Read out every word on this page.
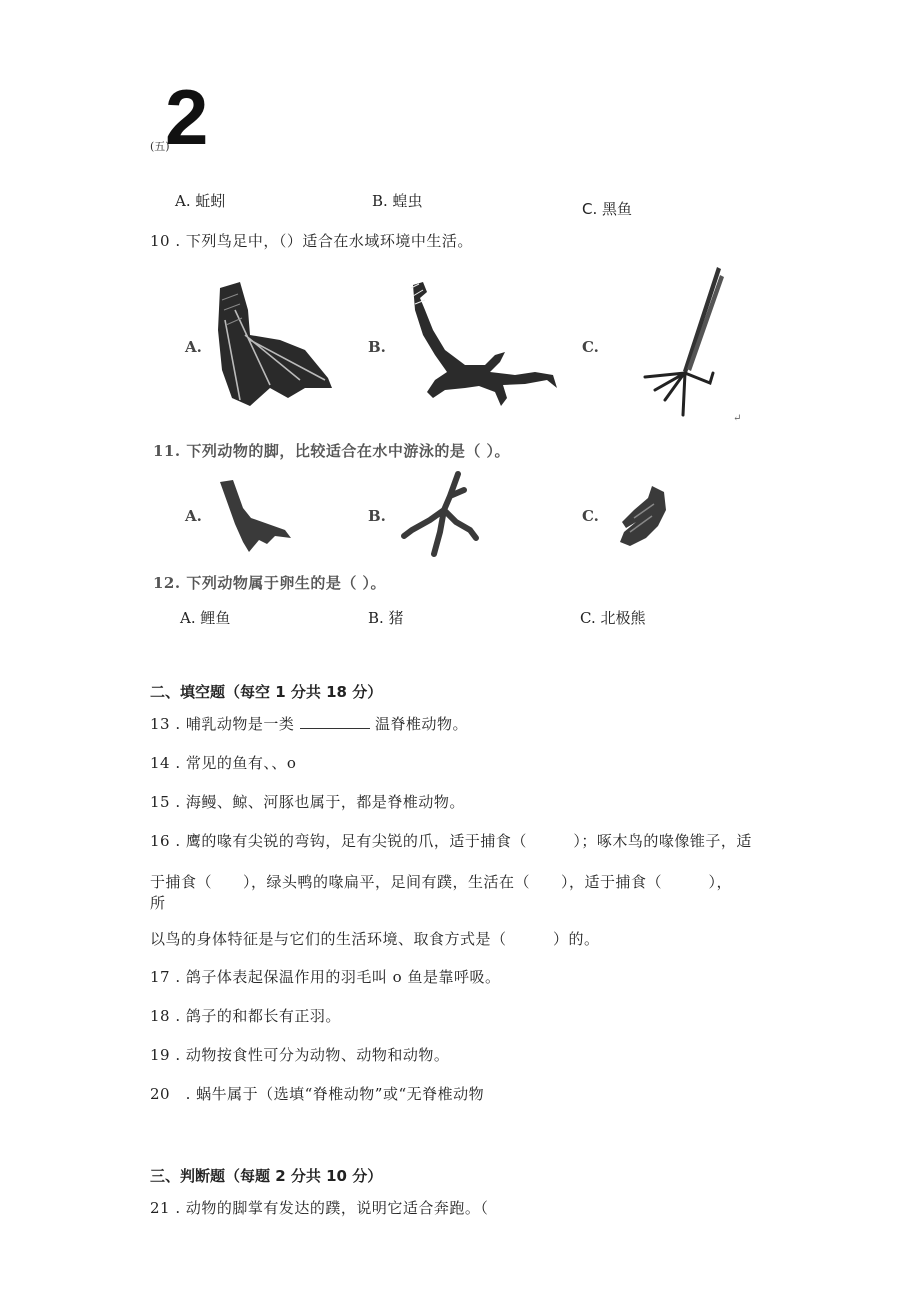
2
(五)
A. 蚯蚓	B. 蝗虫	C. 黑鱼
10 . 下列鸟足中，（）适合在水域环境中生活。
A.	B.	C.
↵
11. 下列动物的脚，比较适合在水中游泳的是（ ）。
A.	B.	C.
12. 下列动物属于卵生的是（ ）。
A. 鲤鱼	B. 猪	C. 北极熊
二、填空题（每空 1 分共 18 分）
13 . 哺乳动物是一类	温脊椎动物。
14 . 常见的鱼有、、o
15 . 海鳗、鲸、河豚也属于，都是脊椎动物。
16 . 鹰的喙有尖锐的弯钩，足有尖锐的爪，适于捕食（　　　）；啄木鸟的喙像锥子，适
于捕食（　　），绿头鸭的喙扁平，足间有蹼，生活在（　　），适于捕食（　　　），
所
以鸟的身体特征是与它们的生活环境、取食方式是（　　　）的。
17 . 鸽子体表起保温作用的羽毛叫 o 鱼是靠呼吸。
18 . 鸽子的和都长有正羽。
19 . 动物按食性可分为动物、动物和动物。
20　. 蜗牛属于（选填“脊椎动物”或“无脊椎动物
三、判断题（每题 2 分共 10 分）
21 . 动物的脚掌有发达的蹼，说明它适合奔跑。（
